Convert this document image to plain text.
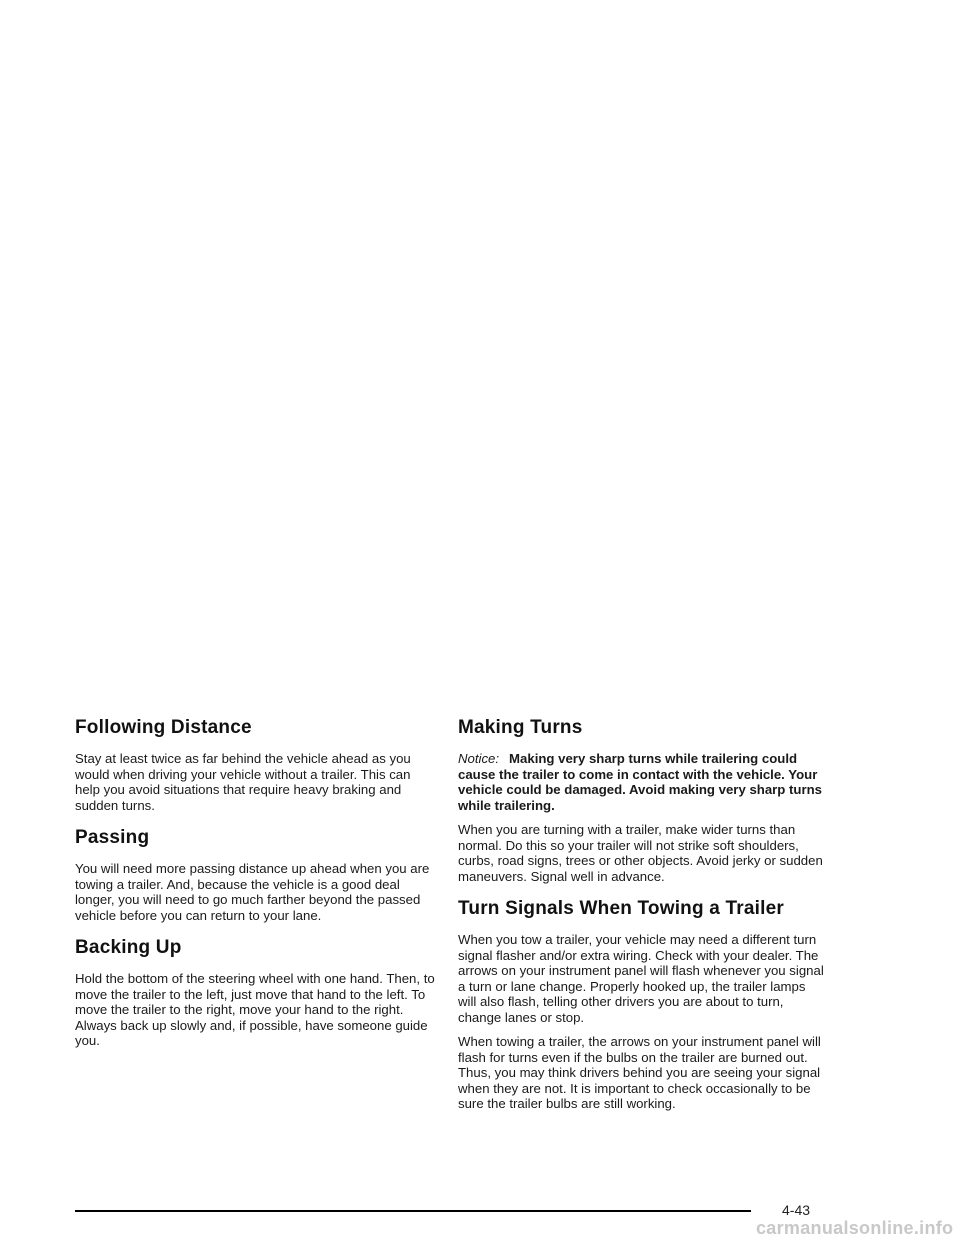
Following Distance

Stay at least twice as far behind the vehicle ahead as you would when driving your vehicle without a trailer. This can help you avoid situations that require heavy braking and sudden turns.

Passing

You will need more passing distance up ahead when you are towing a trailer. And, because the vehicle is a good deal longer, you will need to go much farther beyond the passed vehicle before you can return to your lane.

Backing Up

Hold the bottom of the steering wheel with one hand. Then, to move the trailer to the left, just move that hand to the left. To move the trailer to the right, move your hand to the right. Always back up slowly and, if possible, have someone guide you.

Making Turns

Notice: Making very sharp turns while trailering could cause the trailer to come in contact with the vehicle. Your vehicle could be damaged. Avoid making very sharp turns while trailering.

When you are turning with a trailer, make wider turns than normal. Do this so your trailer will not strike soft shoulders, curbs, road signs, trees or other objects. Avoid jerky or sudden maneuvers. Signal well in advance.

Turn Signals When Towing a Trailer

When you tow a trailer, your vehicle may need a different turn signal flasher and/or extra wiring. Check with your dealer. The arrows on your instrument panel will flash whenever you signal a turn or lane change. Properly hooked up, the trailer lamps will also flash, telling other drivers you are about to turn, change lanes or stop.

When towing a trailer, the arrows on your instrument panel will flash for turns even if the bulbs on the trailer are burned out. Thus, you may think drivers behind you are seeing your signal when they are not. It is important to check occasionally to be sure the trailer bulbs are still working.

4-43
carmanualsonline.info
